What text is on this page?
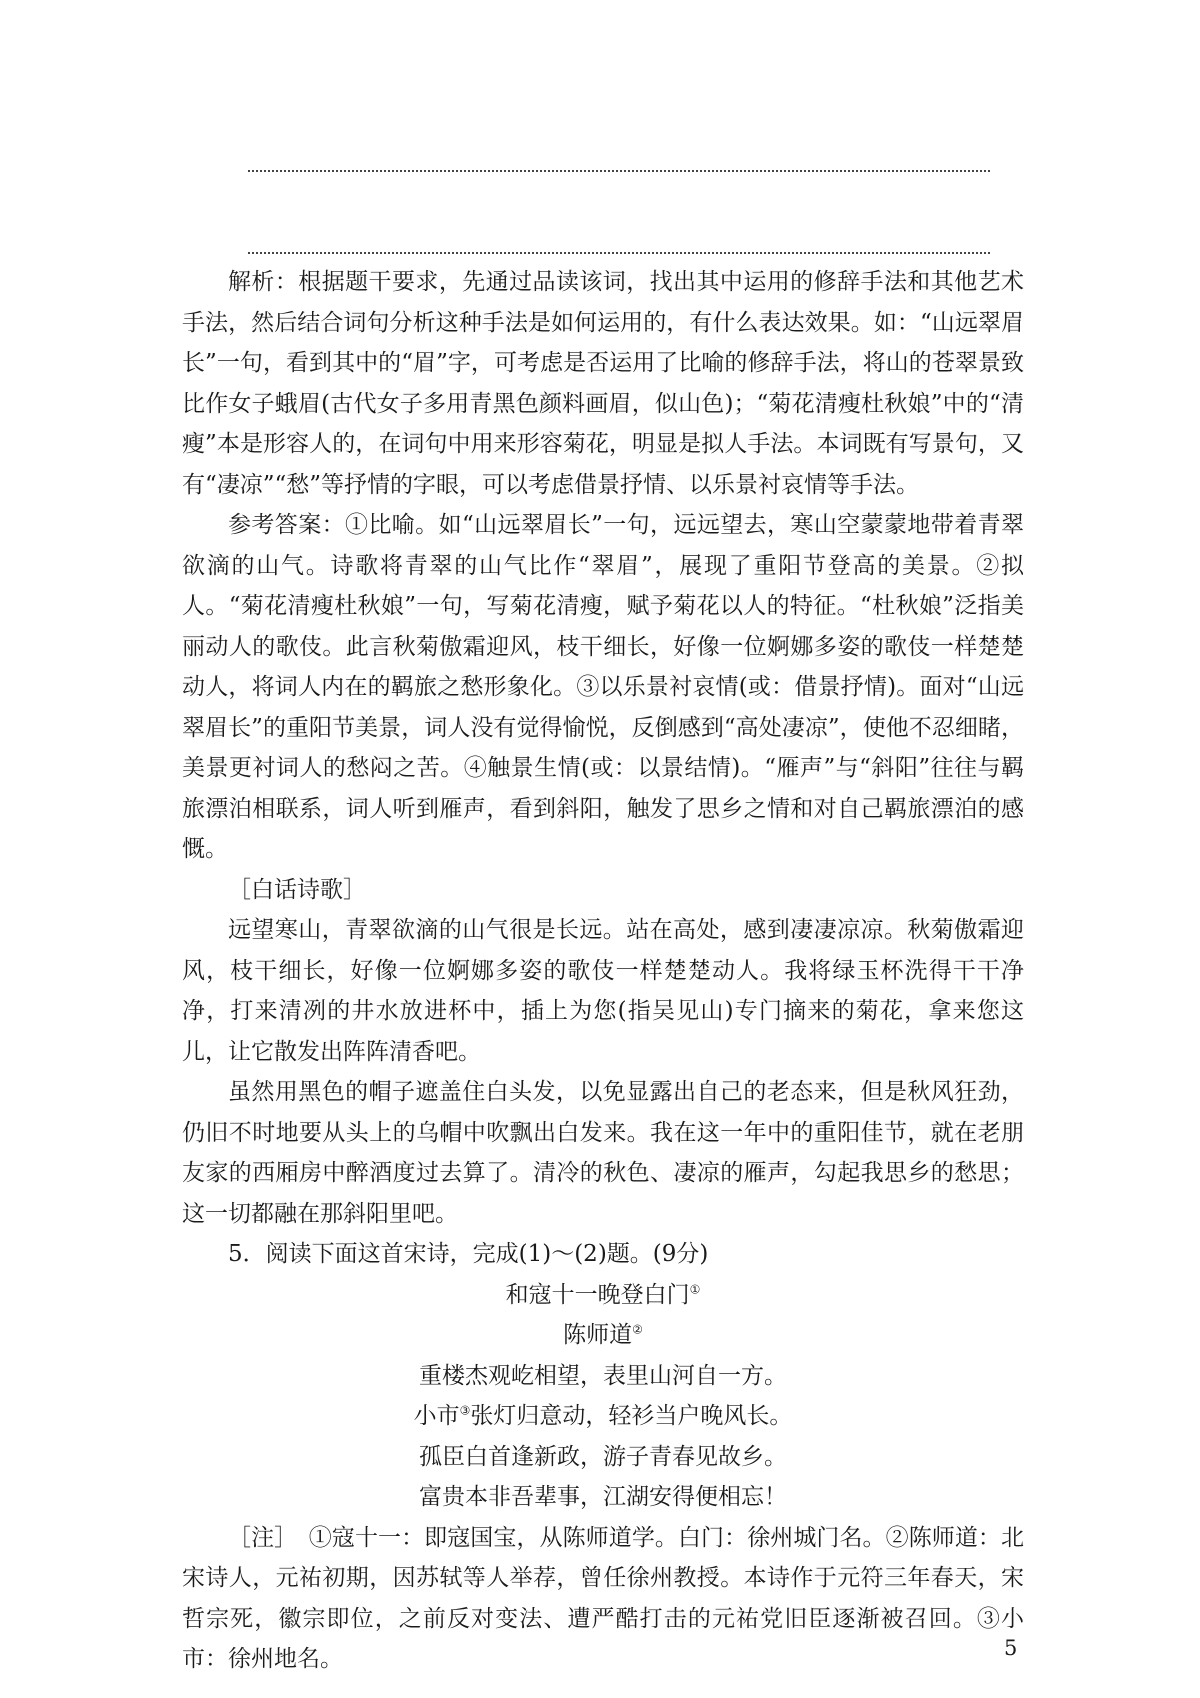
解析：根据题干要求，先通过品读该词，找出其中运用的修辞手法和其他艺术手法，然后结合词句分析这种手法是如何运用的，有什么表达效果。如：“山远翠眉长”一句，看到其中的“眉”字，可考虑是否运用了比喻的修辞手法，将山的苍翠景致比作女子蛾眉(古代女子多用青黑色颜料画眉，似山色)；“菊花清瘦杜秋娘”中的“清瘦”本是形容人的，在词句中用来形容菊花，明显是拟人手法。本词既有写景句，又有“凄凉”“愁”等抒情的字眼，可以考虑借景抒情、以乐景衬哀情等手法。

参考答案：①比喻。如“山远翠眉长”一句，远远望去，寒山空蒙蒙地带着青翠欲滴的山气。诗歌将青翠的山气比作“翠眉”，展现了重阳节登高的美景。②拟人。“菊花清瘦杜秋娘”一句，写菊花清瘦，赋予菊花以人的特征。“杜秋娘”泛指美丽动人的歌伎。此言秋菊傲霜迎风，枝干细长，好像一位婀娜多姿的歌伎一样楚楚动人，将词人内在的羁旅之愁形象化。③以乐景衬哀情(或：借景抒情)。面对“山远翠眉长”的重阳节美景，词人没有觉得愉悦，反倒感到“高处凄凉”，使他不忍细睹，美景更衬词人的愁闷之苦。④触景生情(或：以景结情)。“雁声”与“斜阳”往往与羁旅漂泊相联系，词人听到雁声，看到斜阳，触发了思乡之情和对自己羁旅漂泊的感慨。

［白话诗歌］

远望寒山，青翠欲滴的山气很是长远。站在高处，感到凄凄凉凉。秋菊傲霜迎风，枝干细长，好像一位婀娜多姿的歌伎一样楚楚动人。我将绿玉杯洗得干干净净，打来清冽的井水放进杯中，插上为您(指吴见山)专门摘来的菊花，拿来您这儿，让它散发出阵阵清香吧。

虽然用黑色的帽子遮盖住白头发，以免显露出自己的老态来，但是秋风狂劲，仍旧不时地要从头上的乌帽中吹飘出白发来。我在这一年中的重阳佳节，就在老朋友家的西厢房中醉酒度过去算了。清冷的秋色、凄凉的雁声，勾起我思乡的愁思；这一切都融在那斜阳里吧。

5．阅读下面这首宋诗，完成(1)～(2)题。(9分)

和寇十一晚登白门①

陈师道②

重楼杰观屹相望，表里山河自一方。

小市③张灯归意动，轻衫当户晚风长。

孤臣白首逢新政，游子青春见故乡。

富贵本非吾辈事，江湖安得便相忘！

［注］　①寇十一：即寇国宝，从陈师道学。白门：徐州城门名。②陈师道：北宋诗人，元祐初期，因苏轼等人举荐，曾任徐州教授。本诗作于元符三年春天，宋哲宗死，徽宗即位，之前反对变法、遭严酷打击的元祐党旧臣逐渐被召回。③小市：徐州地名。	5
